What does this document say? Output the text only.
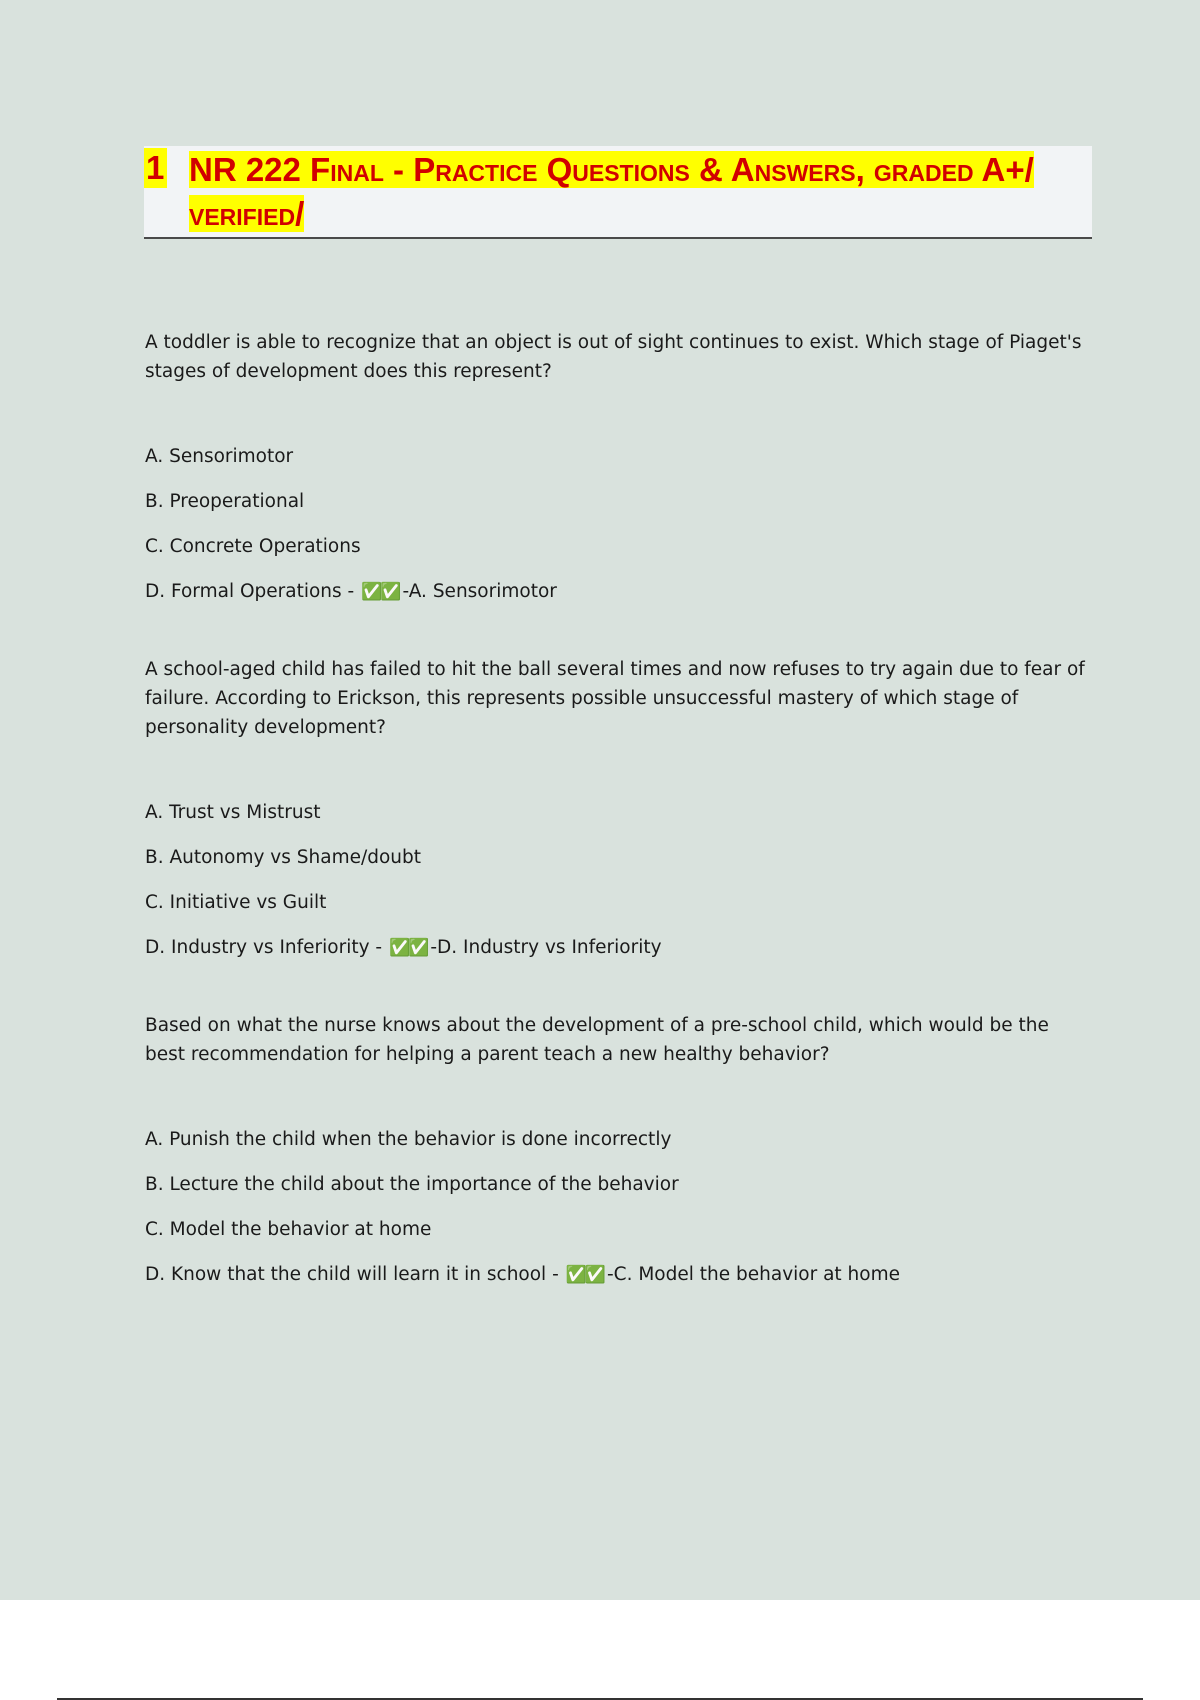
1 NR 222 Final - Practice Questions & Answers, graded A+/ verified/
A toddler is able to recognize that an object is out of sight continues to exist. Which stage of Piaget's stages of development does this represent?
A. Sensorimotor
B. Preoperational
C. Concrete Operations
D. Formal Operations - ✅✅ -A. Sensorimotor
A school-aged child has failed to hit the ball several times and now refuses to try again due to fear of failure. According to Erickson, this represents possible unsuccessful mastery of which stage of personality development?
A. Trust vs Mistrust
B. Autonomy vs Shame/doubt
C. Initiative vs Guilt
D. Industry vs Inferiority - ✅✅ -D. Industry vs Inferiority
Based on what the nurse knows about the development of a pre-school child, which would be the best recommendation for helping a parent teach a new healthy behavior?
A. Punish the child when the behavior is done incorrectly
B. Lecture the child about the importance of the behavior
C. Model the behavior at home
D. Know that the child will learn it in school - ✅✅ -C. Model the behavior at home
